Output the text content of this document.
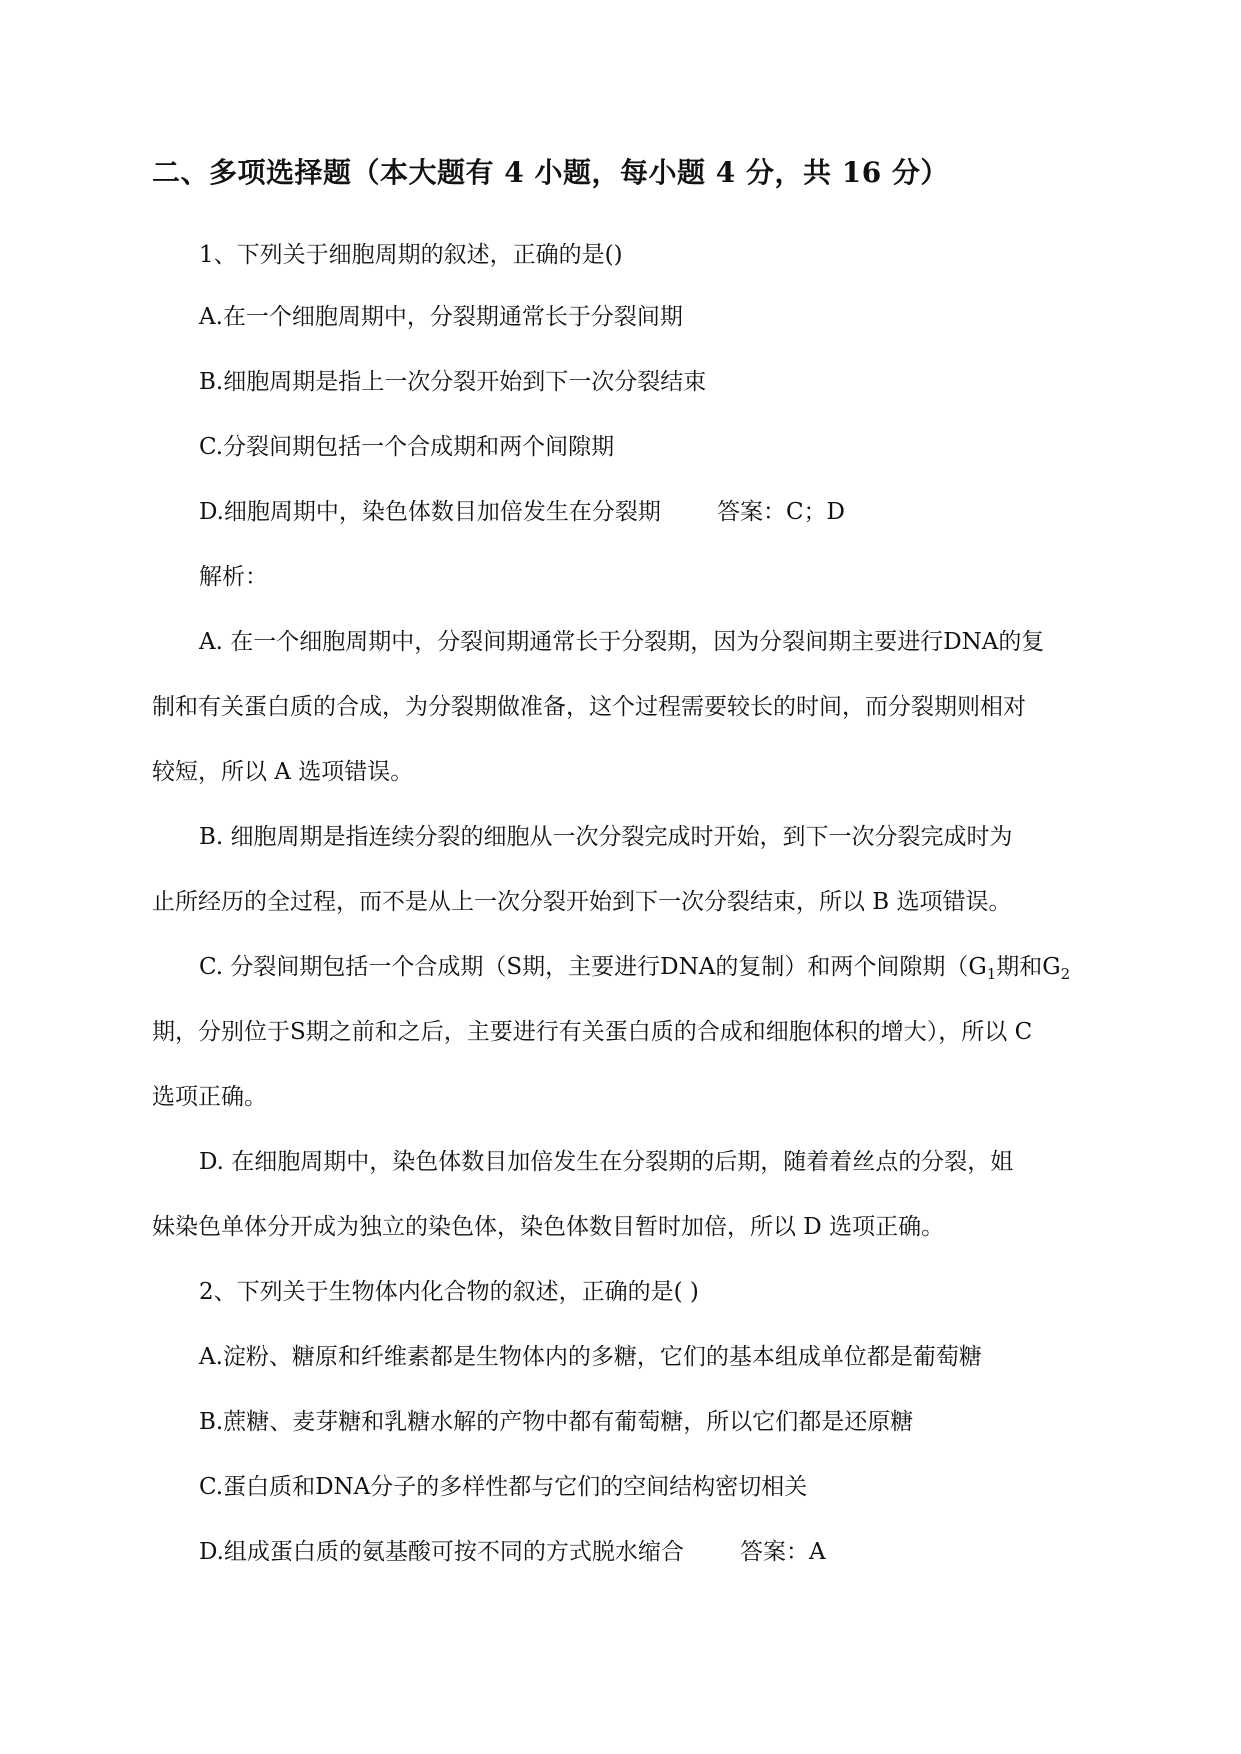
二、多项选择题（本大题有 4 小题，每小题 4 分，共 16 分）
1、下列关于细胞周期的叙述，正确的是()
A.在一个细胞周期中，分裂期通常长于分裂间期
B.细胞周期是指上一次分裂开始到下一次分裂结束
C.分裂间期包括一个合成期和两个间隙期
D.细胞周期中，染色体数目加倍发生在分裂期 答案：C；D
解析：
A. 在一个细胞周期中，分裂间期通常长于分裂期，因为分裂间期主要进行DNA的复
制和有关蛋白质的合成，为分裂期做准备，这个过程需要较长的时间，而分裂期则相对
较短，所以 A 选项错误。
B. 细胞周期是指连续分裂的细胞从一次分裂完成时开始，到下一次分裂完成时为
止所经历的全过程，而不是从上一次分裂开始到下一次分裂结束，所以 B 选项错误。
C. 分裂间期包括一个合成期（S期，主要进行DNA的复制）和两个间隙期（$G_1$期和$G_2$
期，分别位于S期之前和之后，主要进行有关蛋白质的合成和细胞体积的增大），所以 C
选项正确。
D. 在细胞周期中，染色体数目加倍发生在分裂期的后期，随着着丝点的分裂，姐
妹染色单体分开成为独立的染色体，染色体数目暂时加倍，所以 D 选项正确。
2、下列关于生物体内化合物的叙述，正确的是( )
A.淀粉、糖原和纤维素都是生物体内的多糖，它们的基本组成单位都是葡萄糖
B.蔗糖、麦芽糖和乳糖水解的产物中都有葡萄糖，所以它们都是还原糖
C.蛋白质和DNA分子的多样性都与它们的空间结构密切相关
D.组成蛋白质的氨基酸可按不同的方式脱水缩合 答案：A
